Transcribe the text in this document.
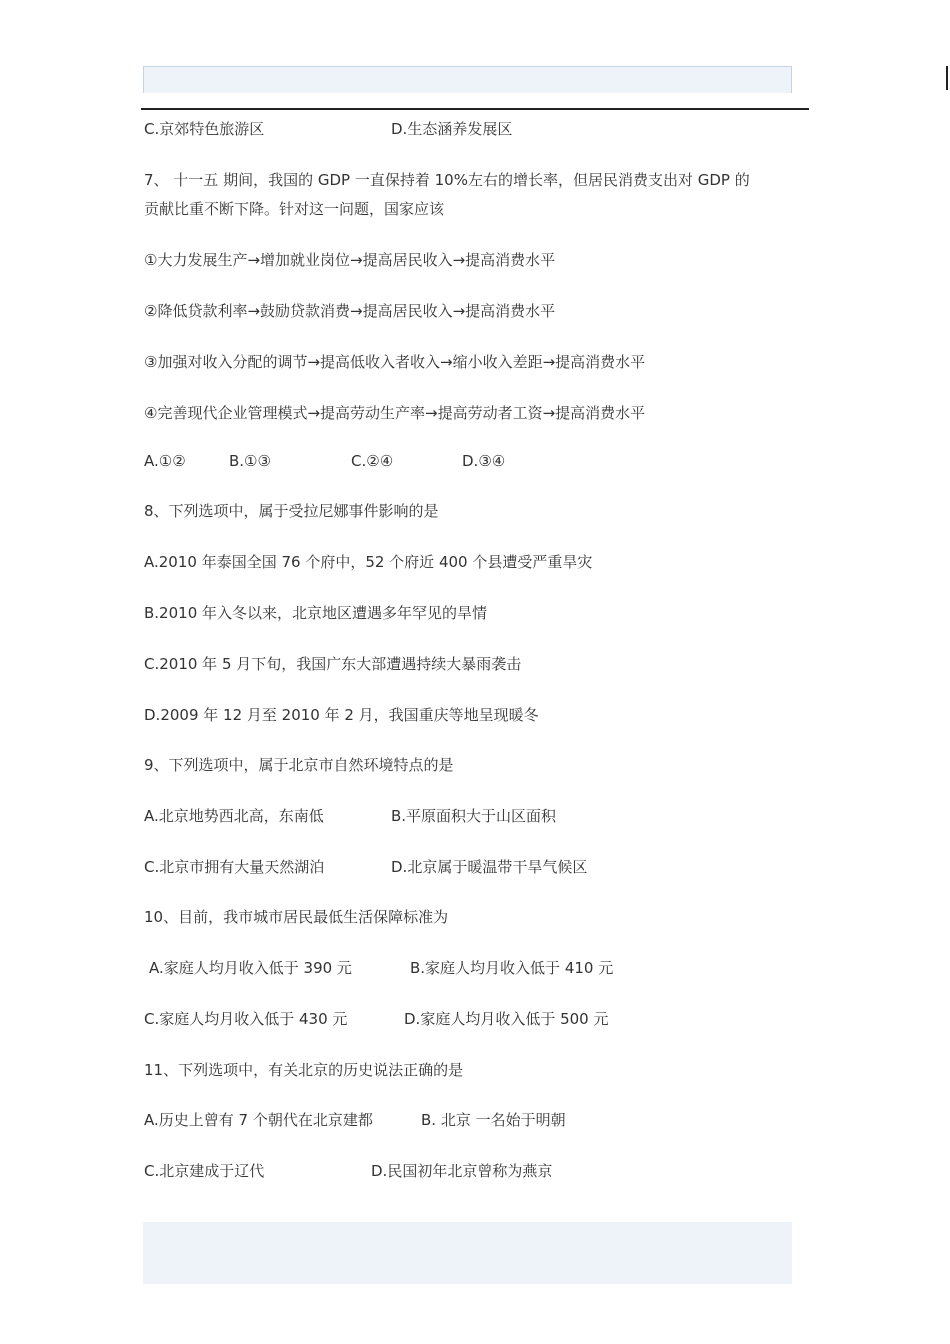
C.京郊特色旅游区	D.生态涵养发展区
7、 十一五 期间，我国的 GDP 一直保持着 10%左右的增长率，但居民消费支出对 GDP 的
贡献比重不断下降。针对这一问题，国家应该
①大力发展生产→增加就业岗位→提高居民收入→提高消费水平
②降低贷款利率→鼓励贷款消费→提高居民收入→提高消费水平
③加强对收入分配的调节→提高低收入者收入→缩小收入差距→提高消费水平
④完善现代企业管理模式→提高劳动生产率→提高劳动者工资→提高消费水平
A.①②	B.①③	C.②④	D.③④
8、下列选项中，属于受拉尼娜事件影响的是
A.2010 年泰国全国 76 个府中，52 个府近 400 个县遭受严重旱灾
B.2010 年入冬以来，北京地区遭遇多年罕见的旱情
C.2010 年 5 月下旬，我国广东大部遭遇持续大暴雨袭击
D.2009 年 12 月至 2010 年 2 月，我国重庆等地呈现暖冬
9、下列选项中，属于北京市自然环境特点的是
A.北京地势西北高，东南低	B.平原面积大于山区面积
C.北京市拥有大量天然湖泊	D.北京属于暖温带干旱气候区
10、目前，我市城市居民最低生活保障标准为
A.家庭人均月收入低于 390 元	B.家庭人均月收入低于 410 元
C.家庭人均月收入低于 430 元	D.家庭人均月收入低于 500 元
11、下列选项中，有关北京的历史说法正确的是
A.历史上曾有 7 个朝代在北京建都	B. 北京 一名始于明朝
C.北京建成于辽代	D.民国初年北京曾称为燕京
